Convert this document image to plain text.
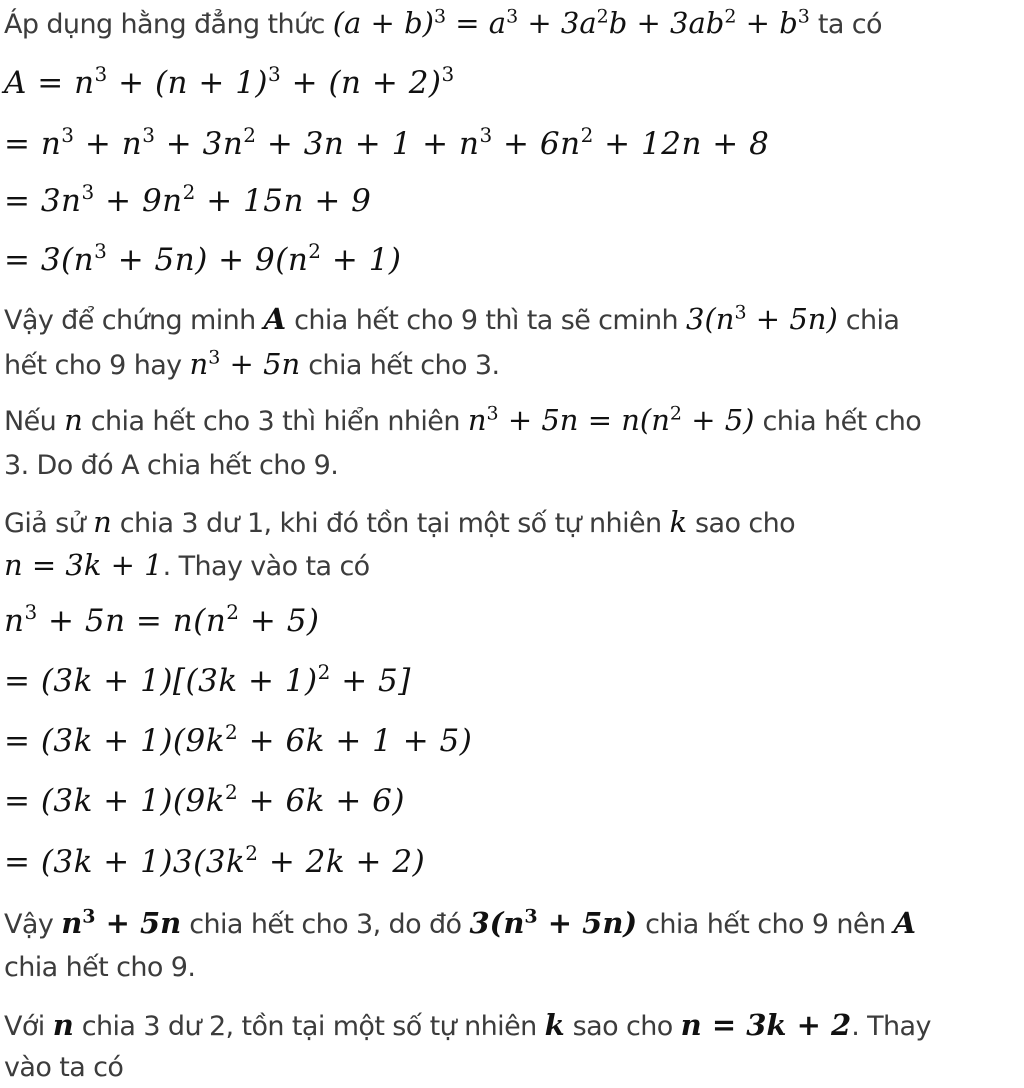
Áp dụng hằng đẳng thức $(a + b)^3 = a^3 + 3a^2b + 3ab^2 + b^3$ ta có
$A = n^3 + (n + 1)^3 + (n + 2)^3$
= $n^3 + n^3 + 3n^2 + 3n + 1 + n^3 + 6n^2 + 12n + 8$
= $3n^3 + 9n^2 + 15n + 9$
= $3(n^3 + 5n) + 9(n^2 + 1)$
Vậy để chứng minh A chia hết cho 9 thì ta sẽ cminh $3(n^3 + 5n)$ chia
hết cho 9 hay $n^3 + 5n$ chia hết cho 3.
Nếu n chia hết cho 3 thì hiển nhiên $n^3 + 5n = n(n^2 + 5)$ chia hết cho
3. Do đó A chia hết cho 9.
Giả sử n chia 3 dư 1, khi đó tồn tại một số tự nhiên k sao cho
n = 3k + 1. Thay vào ta có
$n^3 + 5n = n(n^2 + 5)$
= $(3k + 1)[(3k + 1)^2 + 5]$
= $(3k + 1)(9k^2 + 6k + 1 + 5)$
= $(3k + 1)(9k^2 + 6k + 6)$
= $(3k + 1)3(3k^2 + 2k + 2)$
Vậy $n^3 + 5n$ chia hết cho 3, do đó $3(n^3 + 5n)$ chia hết cho 9 nên A
chia hết cho 9.
Với n chia 3 dư 2, tồn tại một số tự nhiên k sao cho n = 3k + 2. Thay
vào ta có
